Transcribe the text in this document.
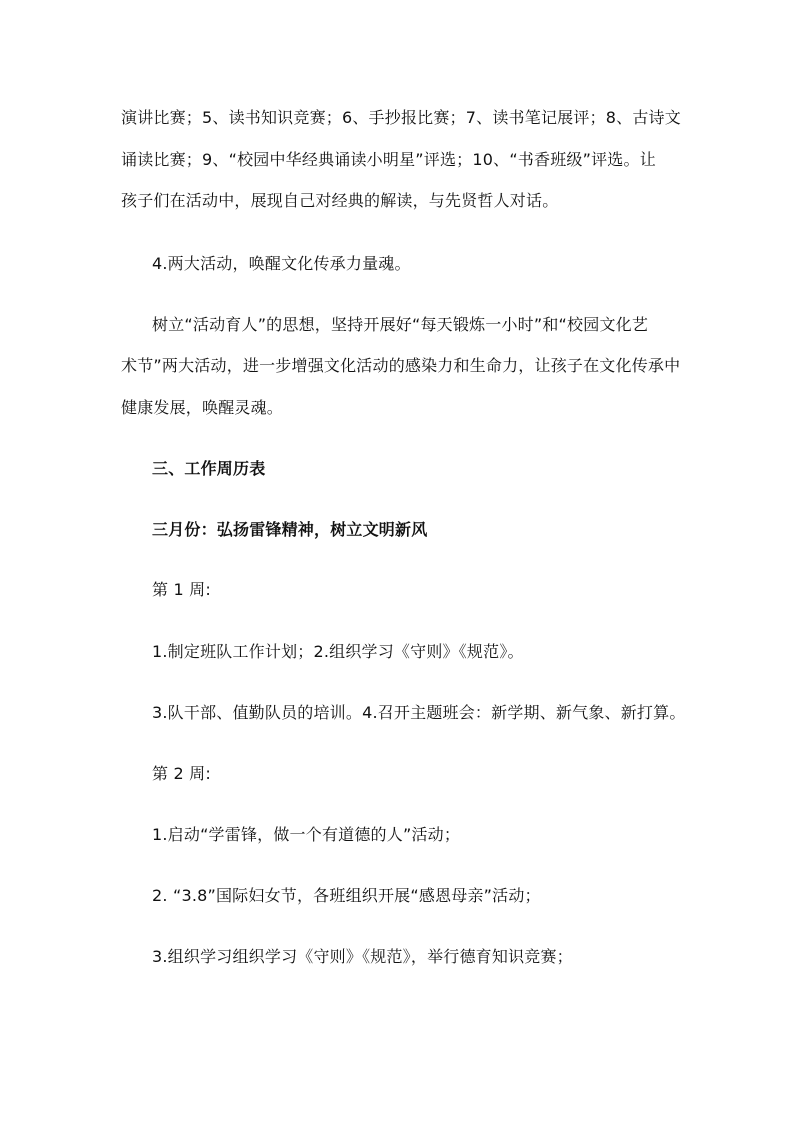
演讲比赛；5、读书知识竞赛；6、手抄报比赛；7、读书笔记展评；8、古诗文
诵读比赛；9、“校园中华经典诵读小明星”评选；10、“书香班级”评选。让
孩子们在活动中，展现自己对经典的解读，与先贤哲人对话。
4.两大活动，唤醒文化传承力量魂。
树立“活动育人”的思想，坚持开展好“每天锻炼一小时”和“校园文化艺
术节”两大活动，进一步增强文化活动的感染力和生命力，让孩子在文化传承中
健康发展，唤醒灵魂。
三、工作周历表
三月份：弘扬雷锋精神，树立文明新风
第 1 周:
1.制定班队工作计划；2.组织学习《守则》《规范》。
3.队干部、值勤队员的培训。4.召开主题班会：新学期、新气象、新打算。
第 2 周:
1.启动“学雷锋，做一个有道德的人”活动；
2. “3.8”国际妇女节，各班组织开展“感恩母亲”活动；
3.组织学习组织学习《守则》《规范》，举行德育知识竞赛；
